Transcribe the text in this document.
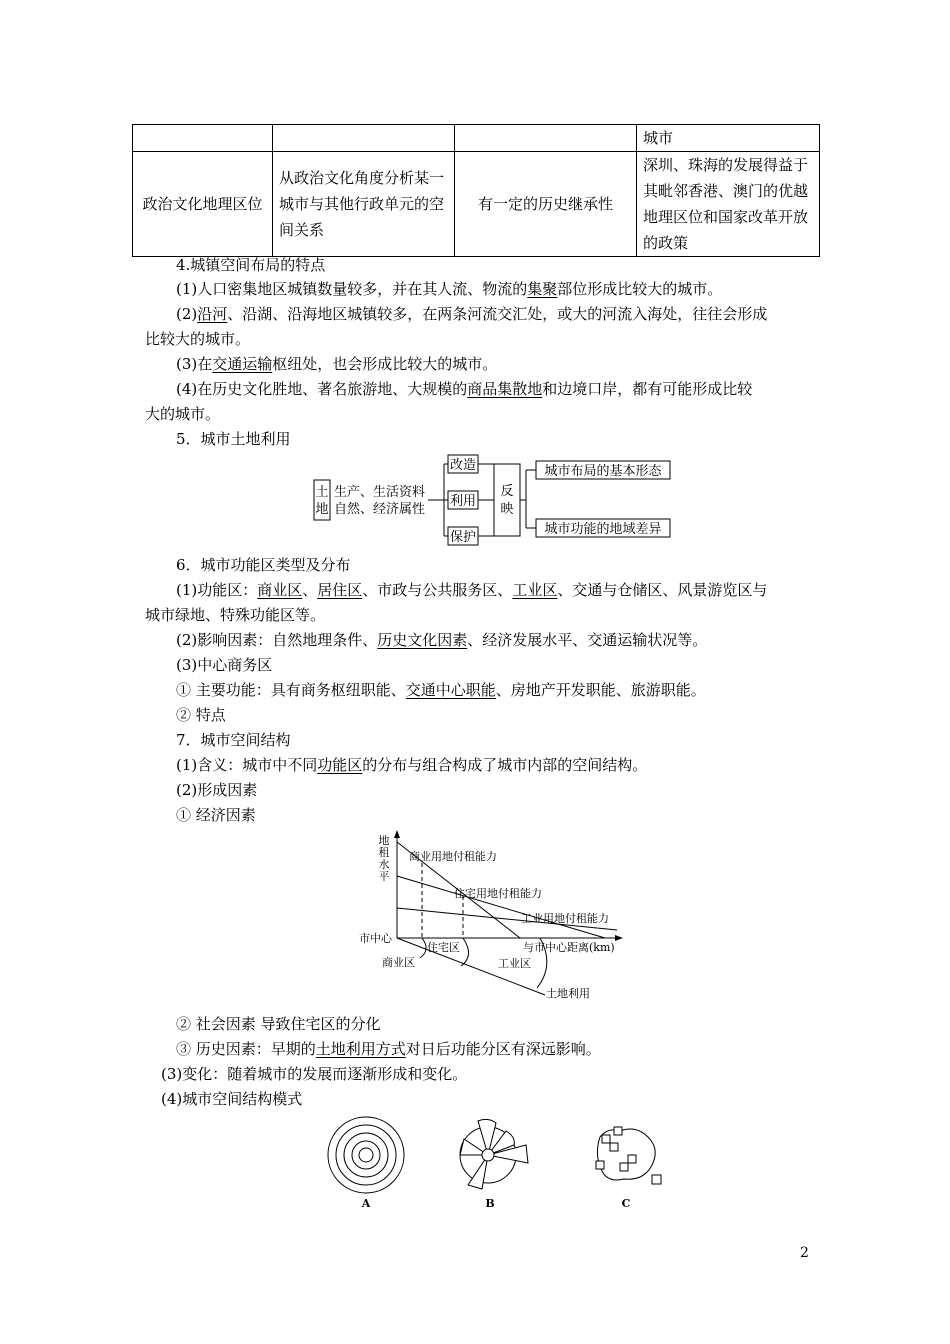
			城市
政治文化地理区位	从政治文化角度分析某一城市与其他行政单元的空间关系	有一定的历史继承性	深圳、珠海的发展得益于其毗邻香港、澳门的优越地理区位和国家改革开放的政策
4.城镇空间布局的特点
(1)人口密集地区城镇数量较多，并在其人流、物流的集聚部位形成比较大的城市。
(2)沿河、沿湖、沿海地区城镇较多，在两条河流交汇处，或大的河流入海处，往往会形成
比较大的城市。
(3)在交通运输枢纽处，也会形成比较大的城市。
(4)在历史文化胜地、著名旅游地、大规模的商品集散地和边境口岸，都有可能形成比较
大的城市。
5．城市土地利用
土
地
生产、生活资料
自然、经济属性
改造
利用
保护
反
映
城市布局的基本形态
城市功能的地域差异
6．城市功能区类型及分布
(1)功能区：商业区、居住区、市政与公共服务区、工业区、交通与仓储区、风景游览区与
城市绿地、特殊功能区等。
(2)影响因素：自然地理条件、历史文化因素、经济发展水平、交通运输状况等。
(3)中心商务区
① 主要功能：具有商务枢纽职能、交通中心职能、房地产开发职能、旅游职能。
② 特点
7．城市空间结构
(1)含义：城市中不同功能区的分布与组合构成了城市内部的空间结构。
(2)形成因素
① 经济因素
地
租
水
平
商业用地付租能力
住宅用地付租能力
工业用地付租能力
市中心
与市中心距离(km)
住宅区
商业区	工业区
土地利用
② 社会因素 导致住宅区的分化
③ 历史因素：早期的土地利用方式对日后功能分区有深远影响。
(3)变化：随着城市的发展而逐渐形成和变化。
(4)城市空间结构模式
A	B	C
2
